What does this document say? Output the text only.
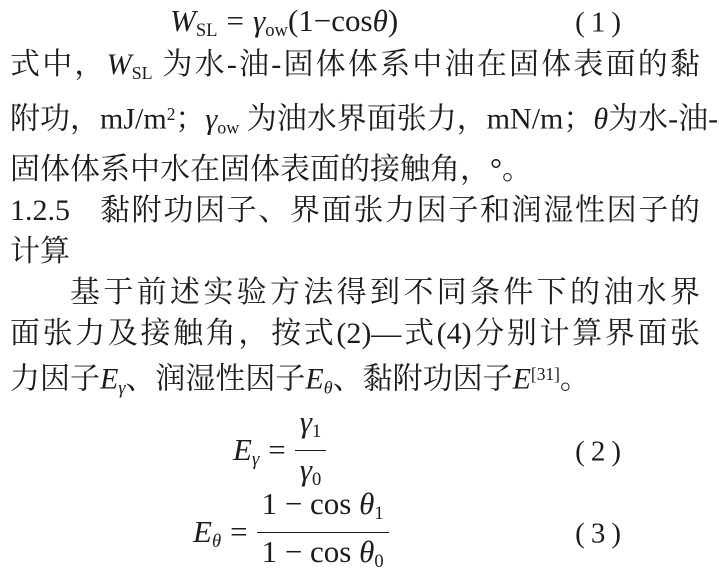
$W_{SL} = \gamma_{ow}(1-\cos\theta)$	(1)
式中，$W_{SL}$ 为水-油-固体体系中油在固体表面的黏
附功，$mJ/m^2$；$\gamma_{ow}$ 为油水界面张力，mN/m；θ为水-油-
固体体系中水在固体表面的接触角，°。
1.2.5 黏附功因子、界面张力因子和润湿性因子的
计算
基于前述实验方法得到不同条件下的油水界
面张力及接触角，按式(2)—式(4)分别计算界面张
力因子$E_\gamma$、润湿性因子$E_\theta$、黏附功因子E[31]。
$E_\gamma = \frac{\gamma_1}{\gamma_0}$	(2)
$E_\theta = \frac{1 - \cos \theta_1}{1 - \cos \theta_0}$	(3)
